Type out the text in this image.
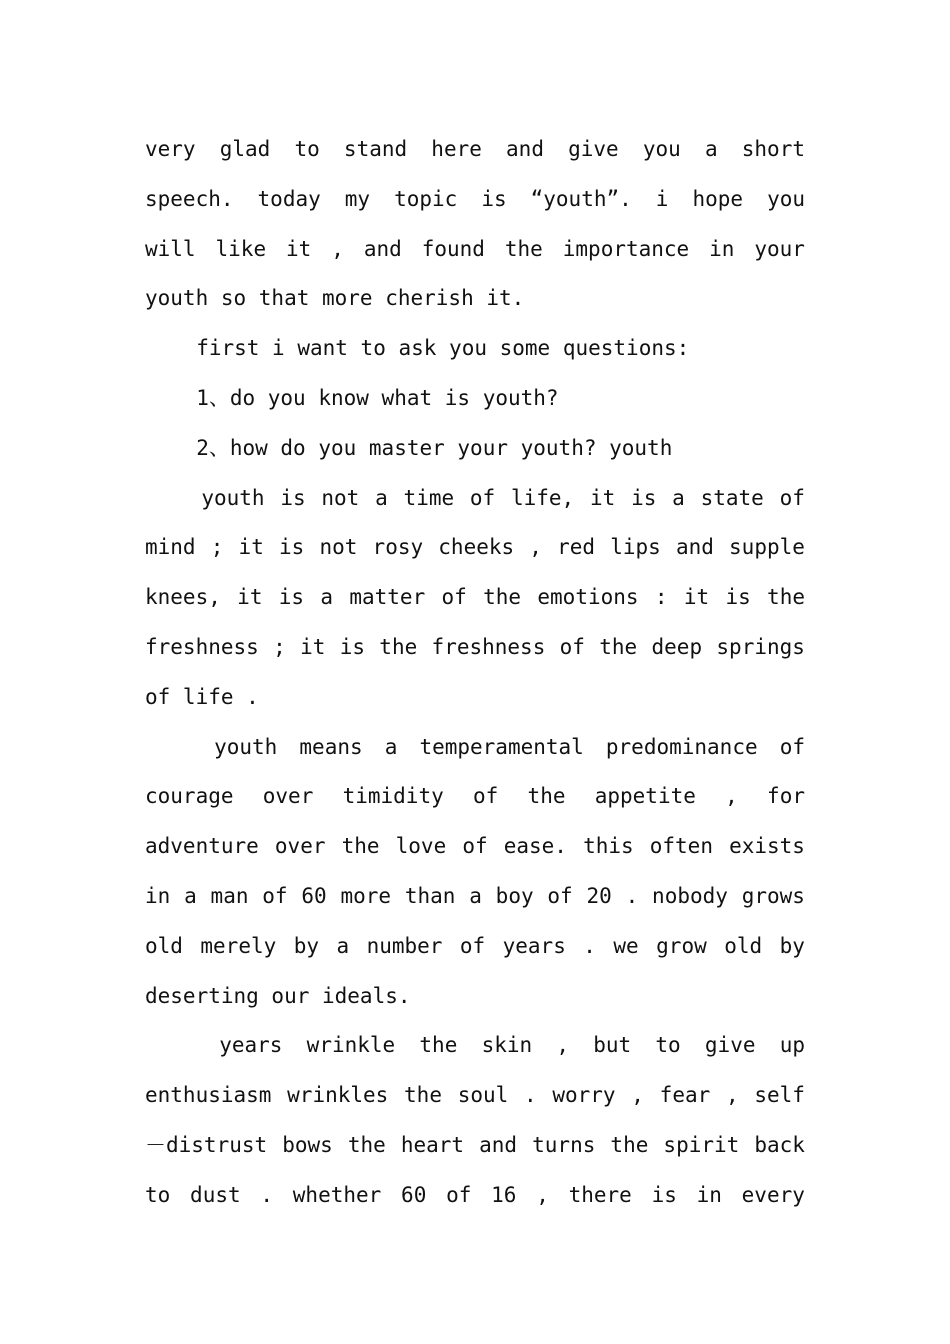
very glad to stand here and give you a short
speech. today my topic is “youth”. i hope you
will like it , and found the importance in your
youth so that more cherish it.
first i want to ask you some questions:
1、do you know what is youth?
2、how do you master your youth? youth
youth is not a time of life, it is a state of
mind ; it is not rosy cheeks , red lips and supple
knees, it is a matter of the emotions : it is the
freshness ; it is the freshness of the deep springs
of life .
youth means a temperamental predominance of
courage over timidity of the appetite , for
adventure over the love of ease. this often exists
in a man of 60 more than a boy of 20 . nobody grows
old merely by a number of years . we grow old by
deserting our ideals.
years wrinkle the skin , but to give up
enthusiasm wrinkles the soul . worry , fear , self
－distrust bows the heart and turns the spirit back
to dust . whether 60 of 16 , there is in every
